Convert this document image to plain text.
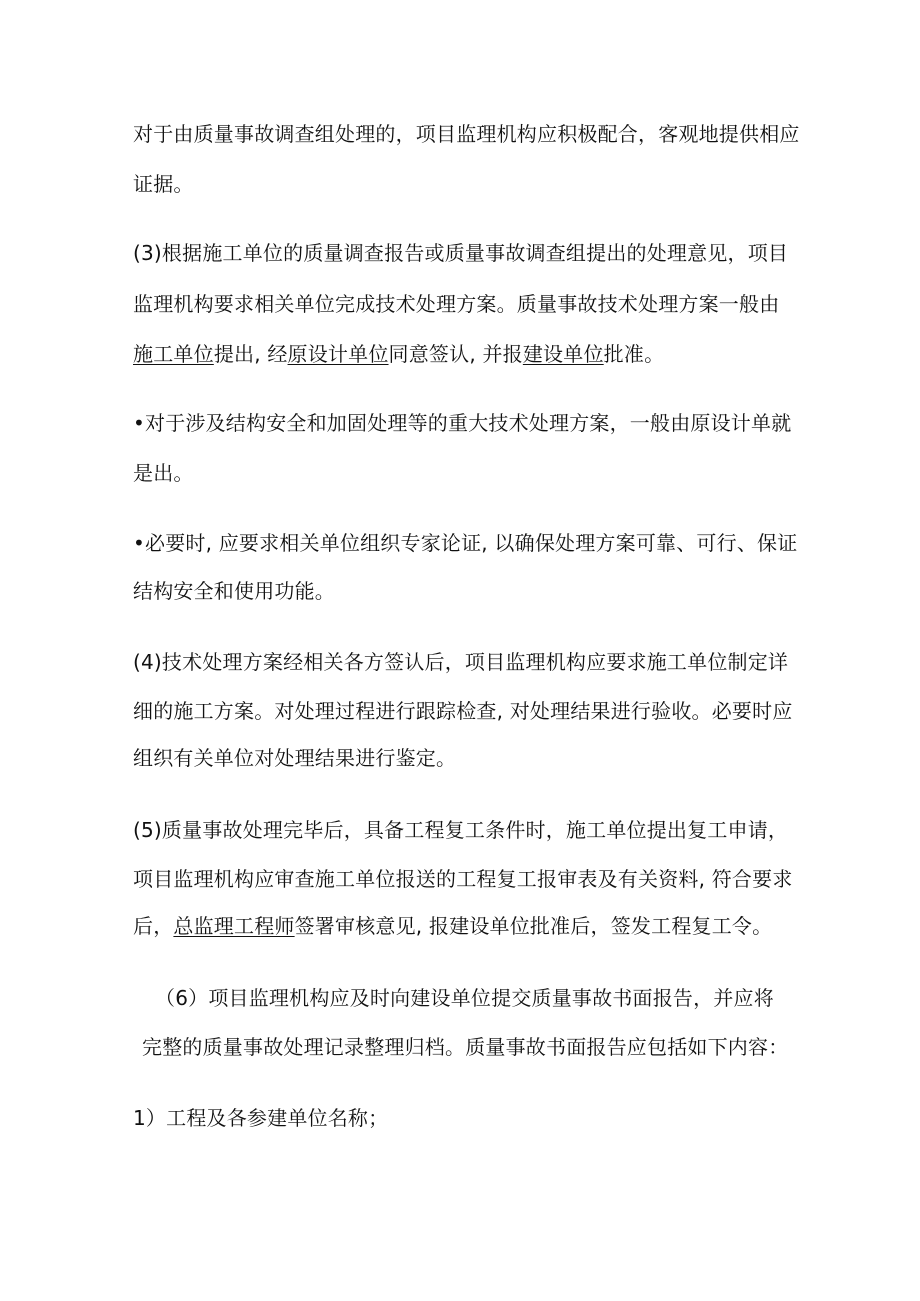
对于由质量事故调查组处理的，项目监理机构应积极配合，客观地提供相应
证据。
(3)根据施工单位的质量调查报告或质量事故调查组提出的处理意见，项目
监理机构要求相关单位完成技术处理方案。质量事故技术处理方案一般由
施工单位提出, 经原设计单位同意签认, 并报建设单位批准。
•对于涉及结构安全和加固处理等的重大技术处理方案，一般由原设计单就
是出。
•必要时, 应要求相关单位组织专家论证, 以确保处理方案可靠、可行、保证
结构安全和使用功能。
(4)技术处理方案经相关各方签认后，项目监理机构应要求施工单位制定详
细的施工方案。对处理过程进行跟踪检查, 对处理结果进行验收。必要时应
组织有关单位对处理结果进行鉴定。
(5)质量事故处理完毕后，具备工程复工条件时，施工单位提出复工申请，
项目监理机构应审查施工单位报送的工程复工报审表及有关资料, 符合要求
后，总监理工程师签署审核意见, 报建设单位批准后，签发工程复工令。
（6）项目监理机构应及时向建设单位提交质量事故书面报告，并应将
完整的质量事故处理记录整理归档。质量事故书面报告应包括如下内容：
1）工程及各参建单位名称；
